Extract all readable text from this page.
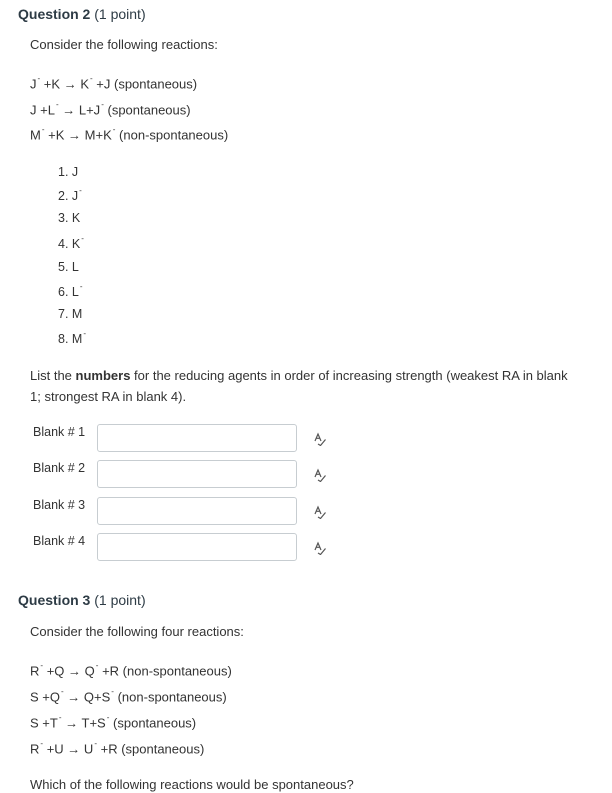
Question 2 (1 point)
Consider the following reactions:
J- +K → K- +J (spontaneous)
J +L- → L+J- (spontaneous)
M- +K → M+K- (non-spontaneous)
1. J
2. J-
3. K
4. K-
5. L
6. L-
7. M
8. M-
List the numbers for the reducing agents in order of increasing strength (weakest RA in blank 1; strongest RA in blank 4).
Blank # 1
Blank # 2
Blank # 3
Blank # 4
Question 3 (1 point)
Consider the following four reactions:
R- +Q → Q- +R (non-spontaneous)
S +Q- → Q+S- (non-spontaneous)
S +T- → T+S- (spontaneous)
R- +U → U- +R (spontaneous)
Which of the following reactions would be spontaneous?
